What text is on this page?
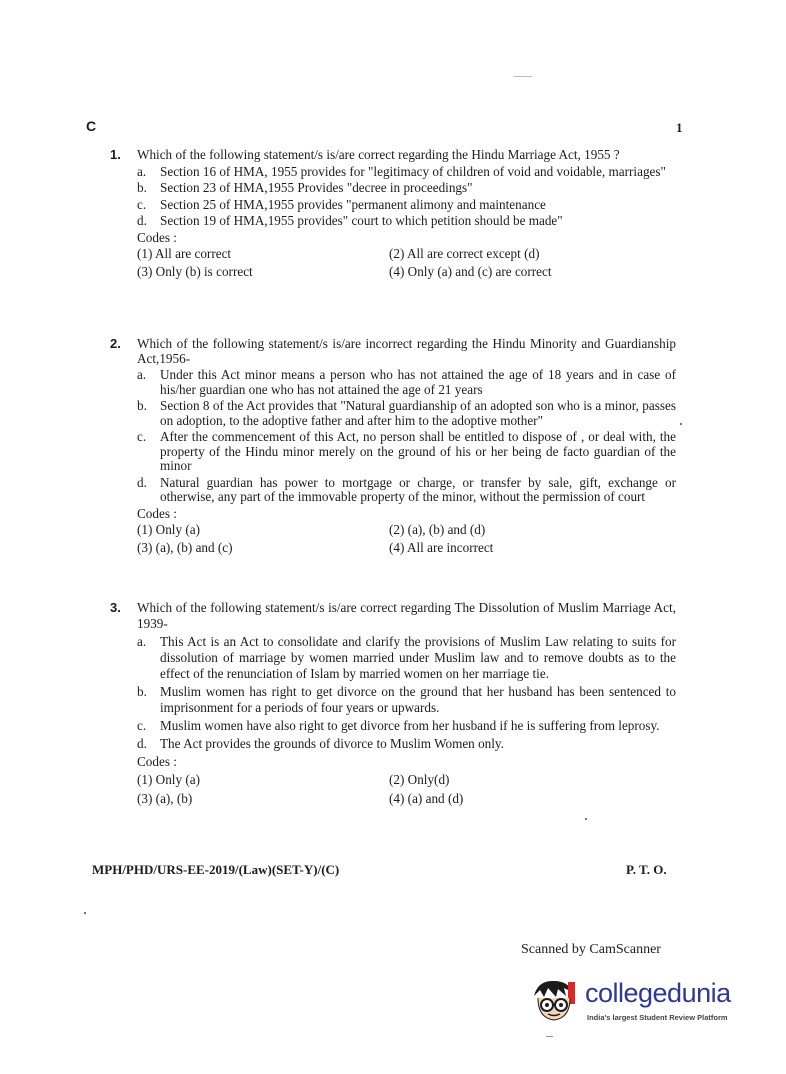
C	1
1.	Which of the following statement/s is/are correct regarding the Hindu Marriage Act, 1955 ?
a.	Section 16 of HMA, 1955 provides for "legitimacy of children of void and voidable, marriages"
b. Section 23 of HMA,1955 Provides "decree in proceedings"
c.	Section 25 of HMA,1955 provides "permanent alimony and maintenance
d. Section 19 of HMA,1955 provides" court to which petition should be made"
Codes :
(1) All are correct	(2) All are correct except (d)
(3) Only (b) is correct	(4) Only (a) and (c) are correct
2.	Which of the following statement/s is/are incorrect regarding the Hindu Minority and Guardianship Act,1956-
a.	Under this Act minor means a person who has not attained the age of 18 years and in case of his/her guardian one who has not attained the age of 21 years
b. Section 8 of the Act provides that "Natural guardianship of an adopted son who is a minor, passes on adoption, to the adoptive father and after him to the adoptive mother"
c.	After the commencement of this Act, no person shall be entitled to dispose of , or deal with, the property of the Hindu minor merely on the ground of his or her being de facto guardian of the minor
d. Natural guardian has power to mortgage or charge, or transfer by sale, gift, exchange or otherwise, any part of the immovable property of the minor, without the permission of court
Codes :
(1) Only (a)	(2) (a), (b) and (d)
(3) (a), (b) and (c)	(4) All are incorrect
3.	Which of the following statement/s is/are correct regarding The Dissolution of Muslim Marriage Act, 1939-
a.	This Act is an Act to consolidate and clarify the provisions of Muslim Law relating to suits for dissolution of marriage by women married under Muslim law and to remove doubts as to the effect of the renunciation of Islam by married women on her marriage tie.
b. Muslim women has right to get divorce on the ground that her husband has been sentenced to imprisonment for a periods of four years or upwards.
c.	Muslim women have also right to get divorce from her husband if he is suffering from leprosy.
d. The Act provides the grounds of divorce to Muslim Women only.
Codes :
(1) Only (a)	(2) Only(d)
(3) (a), (b)	(4) (a) and (d)
MPH/PHD/URS-EE-2019/(Law)(SET-Y)/(C)	P. T. O.
Scanned by CamScanner
collegedunia
India's largest Student Review Platform
